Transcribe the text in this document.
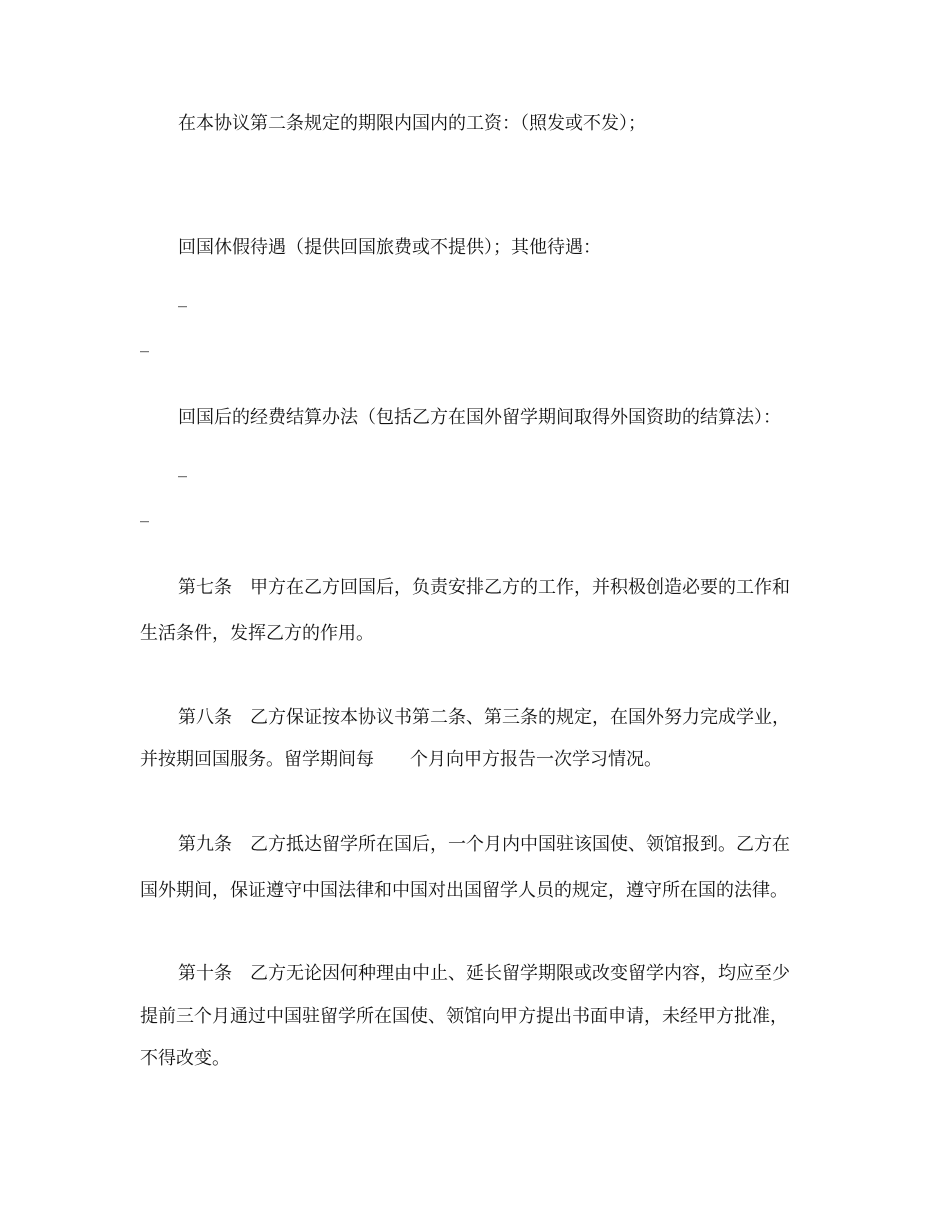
在本协议第二条规定的期限内国内的工资：（照发或不发）；
回国休假待遇（提供回国旅费或不提供）；其他待遇：
_
_
回国后的经费结算办法（包括乙方在国外留学期间取得外国资助的结算法）：
_
_
第七条　甲方在乙方回国后，负责安排乙方的工作，并积极创造必要的工作和
生活条件，发挥乙方的作用。
第八条　乙方保证按本协议书第二条、第三条的规定，在国外努力完成学业，
并按期回国服务。留学期间每　　个月向甲方报告一次学习情况。
第九条　乙方抵达留学所在国后，一个月内中国驻该国使、领馆报到。乙方在
国外期间，保证遵守中国法律和中国对出国留学人员的规定，遵守所在国的法律。
第十条　乙方无论因何种理由中止、延长留学期限或改变留学内容，均应至少
提前三个月通过中国驻留学所在国使、领馆向甲方提出书面申请，未经甲方批准，
不得改变。
